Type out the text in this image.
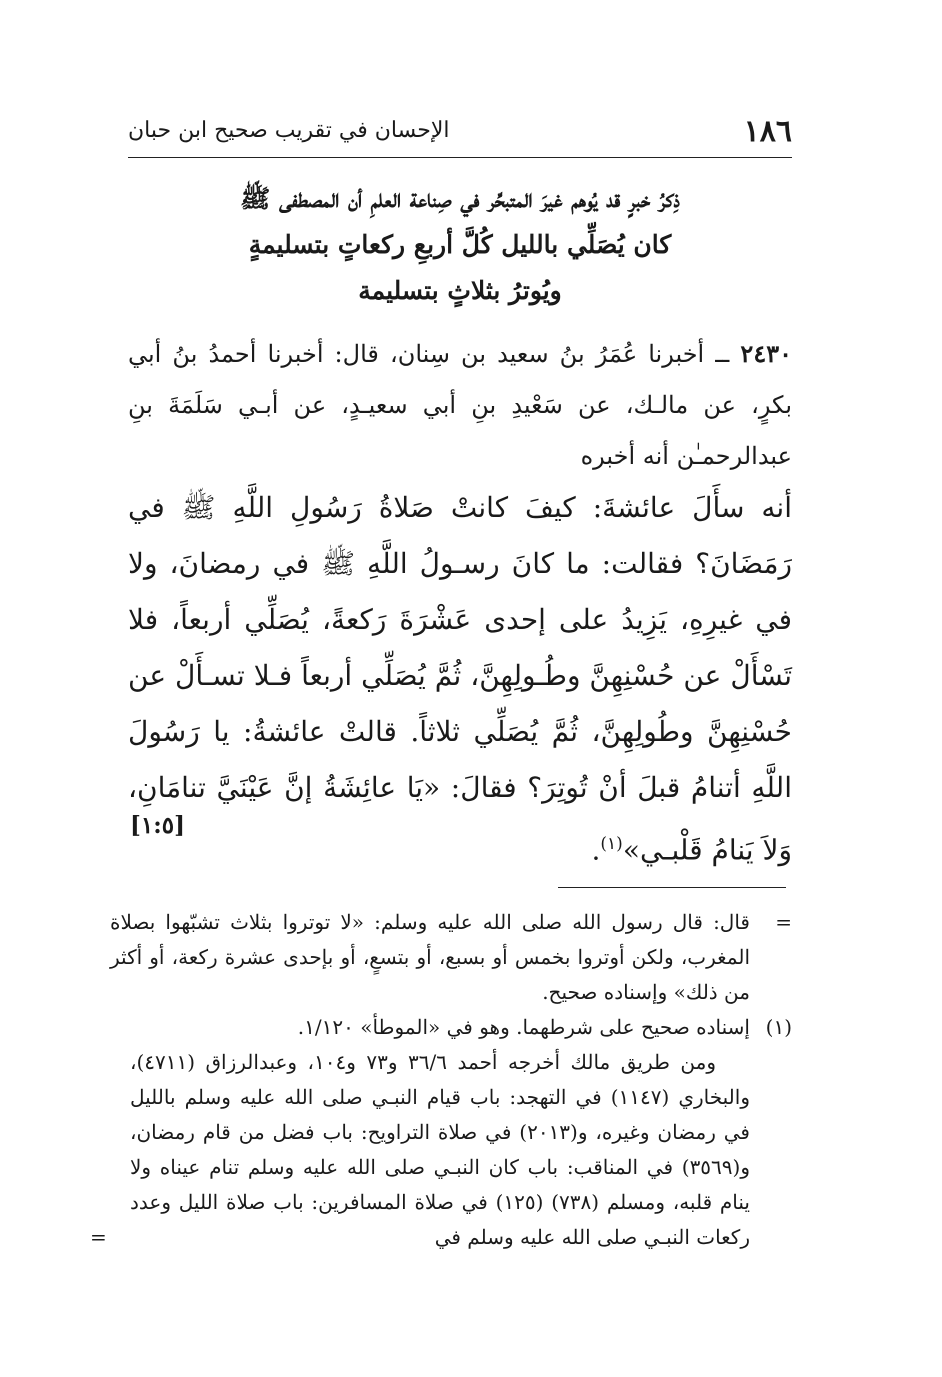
١٨٦
الإحسان في تقريب صحيح ابن حبان
ذِكرُ خبرٍ قد يُوهم غيرَ المتبحِّر في صِناعة العلمِ أن المصطفى ﷺ
كان يُصَلِّي بالليل كُلَّ أربعِ ركعاتٍ بتسليمةٍ
ويُوترُ بثلاثٍ بتسليمة
٢٤٣٠ ــ أخبرنا عُمَرُ بنُ سعيد بن سِنان، قال: أخبرنا أحمدُ بنُ أبي بكرٍ، عن مالـك، عن سَعْيدِ بنِ أبي سعيـدٍ، عن أبـي سَلَمَةَ بنِ عبدالرحمـٰن أنه أخبره
أنه سأَلَ عائشةَ: كيفَ كانتْ صَلاةُ رَسُولِ اللَّهِ ﷺ في رَمَضَانَ؟ فقالت: ما كانَ رسـولُ اللَّهِ ﷺ في رمضانَ، ولا في غيرِهِ، يَزِيدُ على إحدى عَشْرَةَ رَكعةً، يُصَلِّي أربعاً، فلا تَسْأَلْ عن حُسْنِهِنَّ وطُـولِهِنَّ، ثُمَّ يُصَلِّي أربعاً فـلا تسـأَلْ عن حُسْنِهِنَّ وطُولِهِنَّ، ثُمَّ يُصَلِّي ثلاثاً. قالتْ عائشةُ: يا رَسُولَ اللَّهِ أتنامُ قبلَ أنْ تُوتِرَ؟ فقالَ: «يَا عائِشَةُ إنَّ عَيْنَيَّ تنامَانِ، وَلاَ يَنامُ قَلْبـي»$^{(١)}$.
[١:٥]
=
قال: قال رسول الله صلى الله عليه وسلم: «لا توتروا بثلاث تشبّهوا بصلاة المغرب، ولكن أوتروا بخمس أو بسبع، أو بتسعٍ، أو بإحدى عشرة ركعة، أو أكثر من ذلك» وإسناده صحيح.
(١)
إسناده صحيح على شرطهما. وهو في «الموطأ» ١/١٢٠.
ومن طريق مالك أخرجه أحمد ٣٦/٦ و٧٣ و١٠٤، وعبدالرزاق (٤٧١١)، والبخاري (١١٤٧) في التهجد: باب قيام النبـي صلى الله عليه وسلم بالليل في رمضان وغيره، و(٢٠١٣) في صلاة التراويح: باب فضل من قام رمضان، و(٣٥٦٩) في المناقب: باب كان النبـي صلى الله عليه وسلم تنام عيناه ولا ينام قلبه، ومسلم (٧٣٨) (١٢٥) في صلاة المسافرين: باب صلاة الليل وعدد ركعات النبـي صلى الله عليه وسلم في
=
